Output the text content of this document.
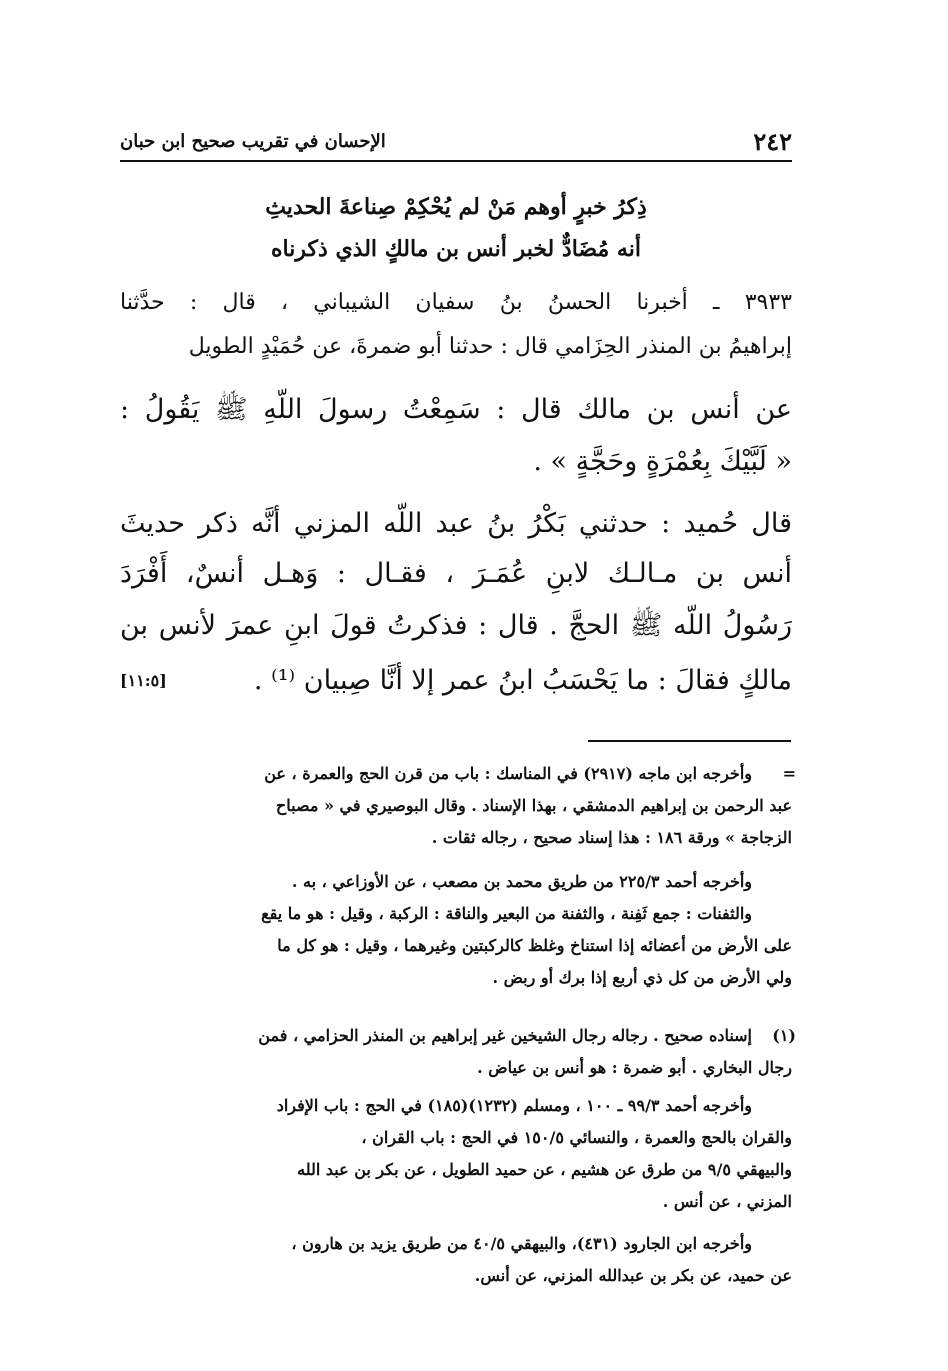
٢٤٢
الإحسان في تقريب صحيح ابن حبان
ذِكرُ خبرٍ أوهم مَنْ لم يُحْكِمْ صِناعةَ الحديثِ
أنه مُضَادٌّ لخبر أنس بن مالكٍ الذي ذكرناه
٣٩٣٣ ـ أخبرنا الحسنُ بنُ سفيان الشيباني ، قال : حدَّثنا
إبراهيمُ بن المنذر الحِزَامي قال : حدثنا أبو ضمرةَ، عن حُمَيْدٍ الطويل
عن أنس بن مالك قال : سَمِعْتُ رسولَ اللّهِ ﷺ يَقُولُ :
« لَبَّيْكَ بِعُمْرَةٍ وحَجَّةٍ » .
قال حُميد : حدثني بَكْرُ بنُ عبد اللّه المزني أنَّه ذكر حديثَ
أنس بن مـالـك لابنِ عُمَـرَ ، فقـال : وَهـل أنسٌ، أَفْرَدَ
رَسُولُ اللّه ﷺ الحجَّ . قال : فذكرتُ قولَ ابنِ عمرَ لأنس بن
مالكٍ فقالَ : ما يَحْسَبُ ابنُ عمر إلا أنَّا صِبيان ⁽¹⁾ .
[١١:٥]
=
وأخرجه ابن ماجه (٢٩١٧) في المناسك : باب من قرن الحج والعمرة ، عن
عبد الرحمن بن إبراهيم الدمشقي ، بهذا الإسناد . وقال البوصيري في « مصباح
الزجاجة » ورقة ١٨٦ : هذا إسناد صحيح ، رجاله ثقات .
وأخرجه أحمد ٢٢٥/٣ من طريق محمد بن مصعب ، عن الأوزاعي ، به .
والثفنات : جمع ثَفِنة ، والثفنة من البعير والناقة : الركبة ، وقيل : هو ما يقع
على الأرض من أعضائه إذا استناخ وغلظ كالركبتين وغيرهما ، وقيل : هو كل ما
ولي الأرض من كل ذي أربع إذا برك أو ربض .
(١)
إسناده صحيح . رجاله رجال الشيخين غير إبراهيم بن المنذر الحزامي ، فمن
رجال البخاري . أبو ضمرة : هو أنس بن عياض .
وأخرجه أحمد ٩٩/٣ ـ ١٠٠ ، ومسلم (١٢٣٢)(١٨٥) في الحج : باب الإفراد
والقران بالحج والعمرة ، والنسائي ١٥٠/٥ في الحج : باب القران ،
والبيهقي ٩/٥ من طرق عن هشيم ، عن حميد الطويل ، عن بكر بن عبد الله
المزني ، عن أنس .
وأخرجه ابن الجارود (٤٣١)، والبيهقي ٤٠/٥ من طريق يزيد بن هارون ،
عن حميد، عن بكر بن عبدالله المزني، عن أنس.
